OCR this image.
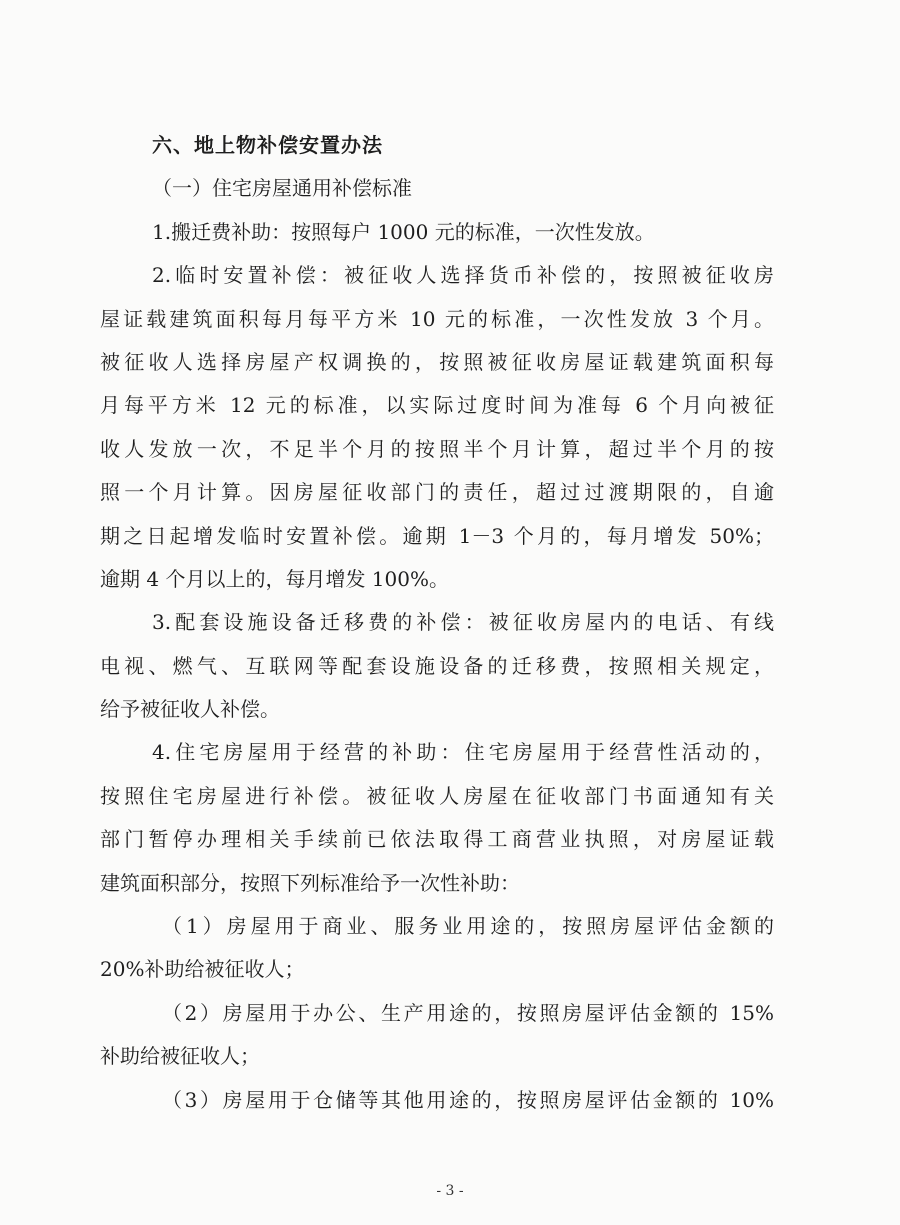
六、地上物补偿安置办法
（一）住宅房屋通用补偿标准
1.搬迁费补助：按照每户 1000 元的标准，一次性发放。
2.临时安置补偿：被征收人选择货币补偿的，按照被征收房
屋证载建筑面积每月每平方米 10 元的标准，一次性发放 3 个月。
被征收人选择房屋产权调换的，按照被征收房屋证载建筑面积每
月每平方米 12 元的标准，以实际过度时间为准每 6 个月向被征
收人发放一次，不足半个月的按照半个月计算，超过半个月的按
照一个月计算。因房屋征收部门的责任，超过过渡期限的，自逾
期之日起增发临时安置补偿。逾期 1－3 个月的，每月增发 50%；
逾期 4 个月以上的，每月增发 100%。
3.配套设施设备迁移费的补偿：被征收房屋内的电话、有线
电视、燃气、互联网等配套设施设备的迁移费，按照相关规定，
给予被征收人补偿。
4.住宅房屋用于经营的补助：住宅房屋用于经营性活动的，
按照住宅房屋进行补偿。被征收人房屋在征收部门书面通知有关
部门暂停办理相关手续前已依法取得工商营业执照，对房屋证载
建筑面积部分，按照下列标准给予一次性补助：
（1）房屋用于商业、服务业用途的，按照房屋评估金额的
20%补助给被征收人；
（2）房屋用于办公、生产用途的，按照房屋评估金额的 15%
补助给被征收人；
（3）房屋用于仓储等其他用途的，按照房屋评估金额的 10%
- 3 -
